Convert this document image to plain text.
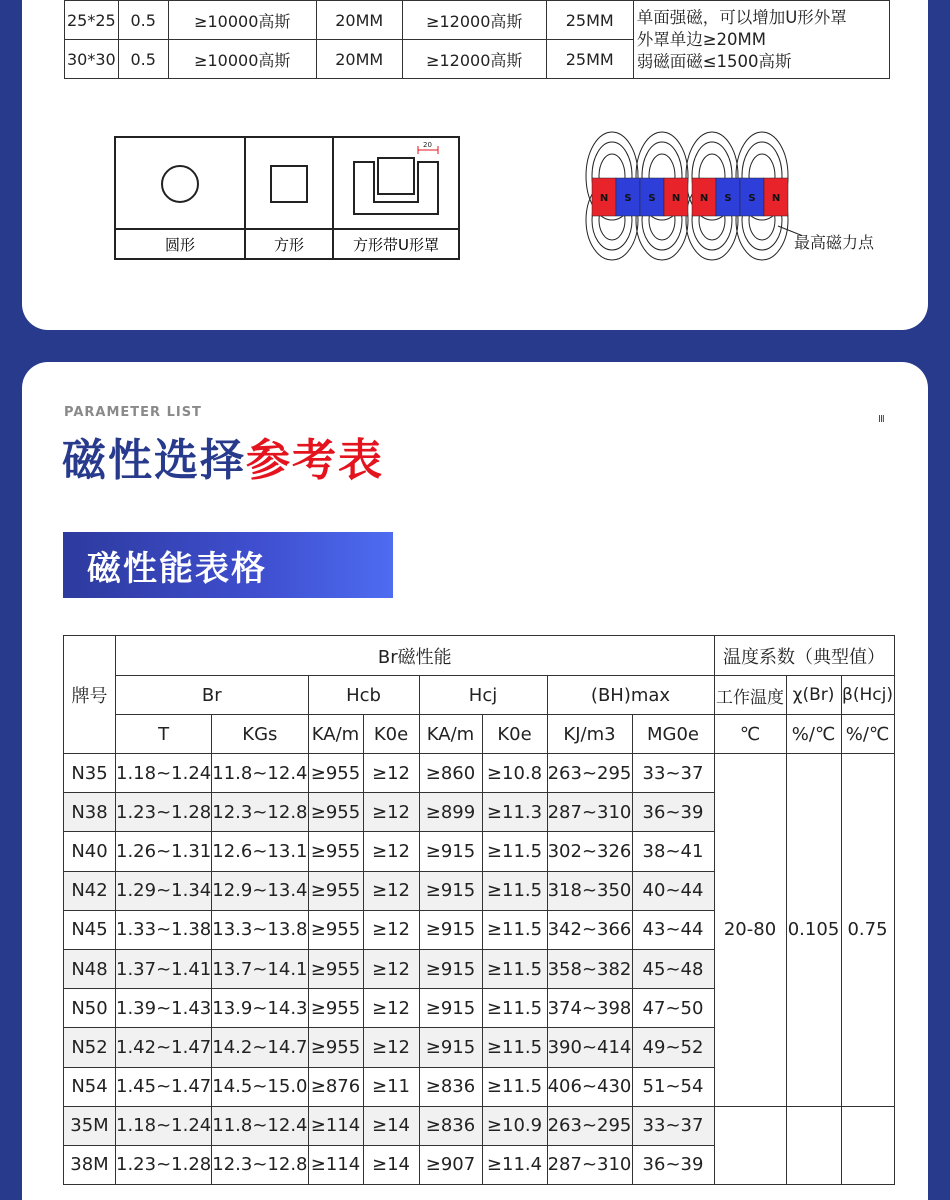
25*25	0.5	≥10000高斯	20MM	≥12000高斯	25MM	单面强磁，可以增加U形外罩
外罩单边≥20MM
弱磁面磁≤1500高斯

30*30	0.5	≥10000高斯	20MM	≥12000高斯	25MM	
20
圆形	方形	方形带U形罩
N S S N N S S N
最高磁力点
PARAMETER LIST
磁性选择参考表
III
磁性能表格
牌号	Br磁性能								温度系数（典型值）		
	Br		Hcb		Hcj		(BH)max		工作温度	χ(Br)	β(Hcj)
	T	KGs	KA/m	K0e	KA/m	K0e	KJ/m3	MG0e	℃	%/℃	%/℃
N35	1.18~1.24	11.8~12.4	≥955	≥12	≥860	≥10.8	263~295	33~37	20-80	0.105	0.75
N38	1.23~1.28	12.3~12.8	≥955	≥12	≥899	≥11.3	287~310	36~39			
N40	1.26~1.31	12.6~13.1	≥955	≥12	≥915	≥11.5	302~326	38~41			
N42	1.29~1.34	12.9~13.4	≥955	≥12	≥915	≥11.5	318~350	40~44			
N45	1.33~1.38	13.3~13.8	≥955	≥12	≥915	≥11.5	342~366	43~44			
N48	1.37~1.41	13.7~14.1	≥955	≥12	≥915	≥11.5	358~382	45~48			
N50	1.39~1.43	13.9~14.3	≥955	≥12	≥915	≥11.5	374~398	47~50			
N52	1.42~1.47	14.2~14.7	≥955	≥12	≥915	≥11.5	390~414	49~52			
N54	1.45~1.47	14.5~15.0	≥876	≥11	≥836	≥11.5	406~430	51~54			
35M	1.18~1.24	11.8~12.4	≥114	≥14	≥836	≥10.9	263~295	33~37			
38M	1.23~1.28	12.3~12.8	≥114	≥14	≥907	≥11.4	287~310	36~39			
